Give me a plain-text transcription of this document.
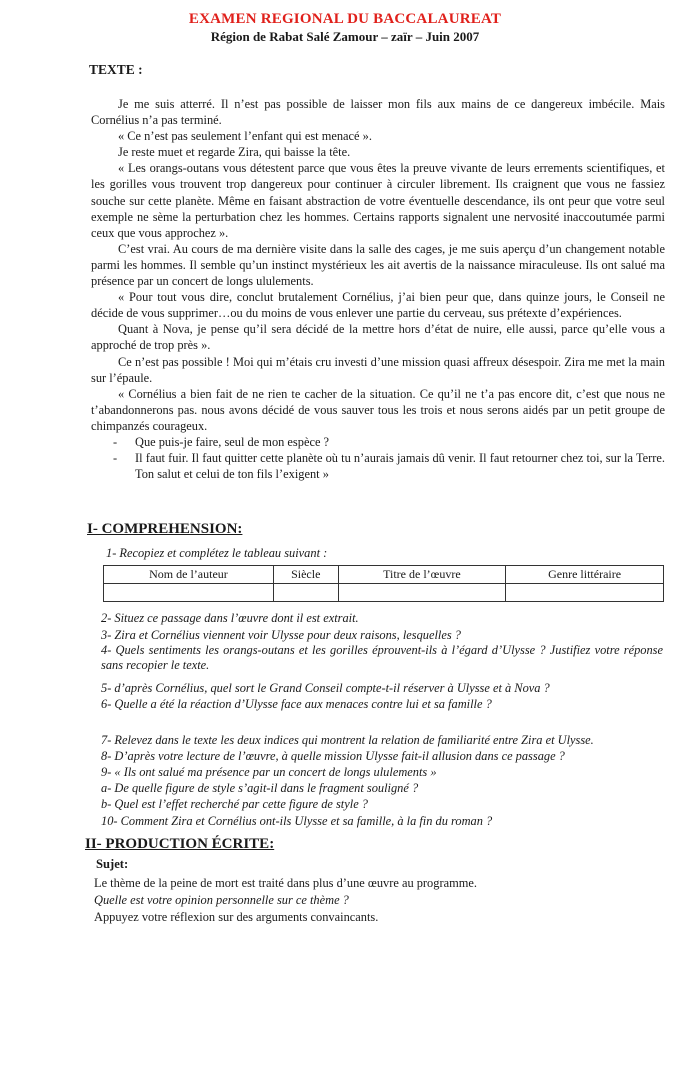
EXAMEN REGIONAL DU BACCALAUREAT
Région de Rabat Salé Zamour – zaïr – Juin 2007
TEXTE :

Je me suis atterré. Il n’est pas possible de laisser mon fils aux mains de ce dangereux imbécile. Mais Cornélius n’a pas terminé.

« Ce n’est pas seulement l’enfant qui est menacé ».

Je reste muet et regarde Zira, qui baisse la tête.

« Les orangs-outans vous détestent parce que vous êtes la preuve vivante de leurs errements scientifiques, et les gorilles vous trouvent trop dangereux pour continuer à circuler librement. Ils craignent que vous ne fassiez souche sur cette planète. Même en faisant abstraction de votre éventuelle descendance, ils ont peur que votre seul exemple ne sème la perturbation chez les hommes. Certains rapports signalent une nervosité inaccoutumée parmi ceux que vous approchez ».

C’est vrai. Au cours de ma dernière visite dans la salle des cages, je me suis aperçu d’un changement notable parmi les hommes. Il semble qu’un instinct mystérieux les ait avertis de la naissance miraculeuse. Ils ont salué ma présence par un concert de longs ululements.

« Pour tout vous dire, conclut brutalement Cornélius, j’ai bien peur que, dans quinze jours, le Conseil ne décide de vous supprimer…ou du moins de vous enlever une partie du cerveau, sus prétexte d’expériences.

Quant à Nova, je pense qu’il sera décidé de la mettre hors d’état de nuire, elle aussi, parce qu’elle vous a approché de trop près ».

Ce n’est pas possible ! Moi qui m’étais cru investi d’une mission quasi affreux désespoir. Zira me met la main sur l’épaule.

« Cornélius a bien fait de ne rien te cacher de la situation. Ce qu’il ne t’a pas encore dit, c’est que nous ne t’abandonnerons pas. nous avons décidé de vous sauver tous les trois et nous serons aidés par un petit groupe de chimpanzés courageux.

-	Que puis-je faire, seul de mon espèce ?
-	Il faut fuir. Il faut quitter cette planète où tu n’aurais jamais dû venir. Il faut retourner chez toi, sur la Terre. Ton salut et celui de ton fils l’exigent »
I- COMPREHENSION:
1- Recopiez et complétez le tableau suivant :
Nom de l’auteur	Siècle	Titre de l’œuvre	Genre littéraire

2- Situez ce passage dans l’œuvre dont il est extrait.
3- Zira et Cornélius viennent voir Ulysse pour deux raisons, lesquelles ?
4- Quels sentiments les orangs-outans et les gorilles éprouvent-ils à l’égard d’Ulysse ? Justifiez votre réponse sans recopier le texte.
5- d’après Cornélius, quel sort le Grand Conseil compte-t-il réserver à Ulysse et à Nova ?
6- Quelle a été la réaction d’Ulysse face aux menaces contre lui et sa famille ?
7- Relevez dans le texte les deux indices qui montrent la relation de familiarité entre Zira et Ulysse.
8- D’après votre lecture de l’œuvre, à quelle mission Ulysse fait-il allusion dans ce passage ?
9- « Ils ont salué ma présence par un concert de longs ululements »
a- De quelle figure de style s’agit-il dans le fragment souligné ?
b- Quel est l’effet recherché par cette figure de style ?
10- Comment Zira et Cornélius ont-ils Ulysse et sa famille, à la fin du roman ?
II- PRODUCTION ÉCRITE:
Sujet:
Le thème de la peine de mort est traité dans plus d’une œuvre au programme.
Quelle est votre opinion personnelle sur ce thème ?
Appuyez votre réflexion sur des arguments convaincants.
